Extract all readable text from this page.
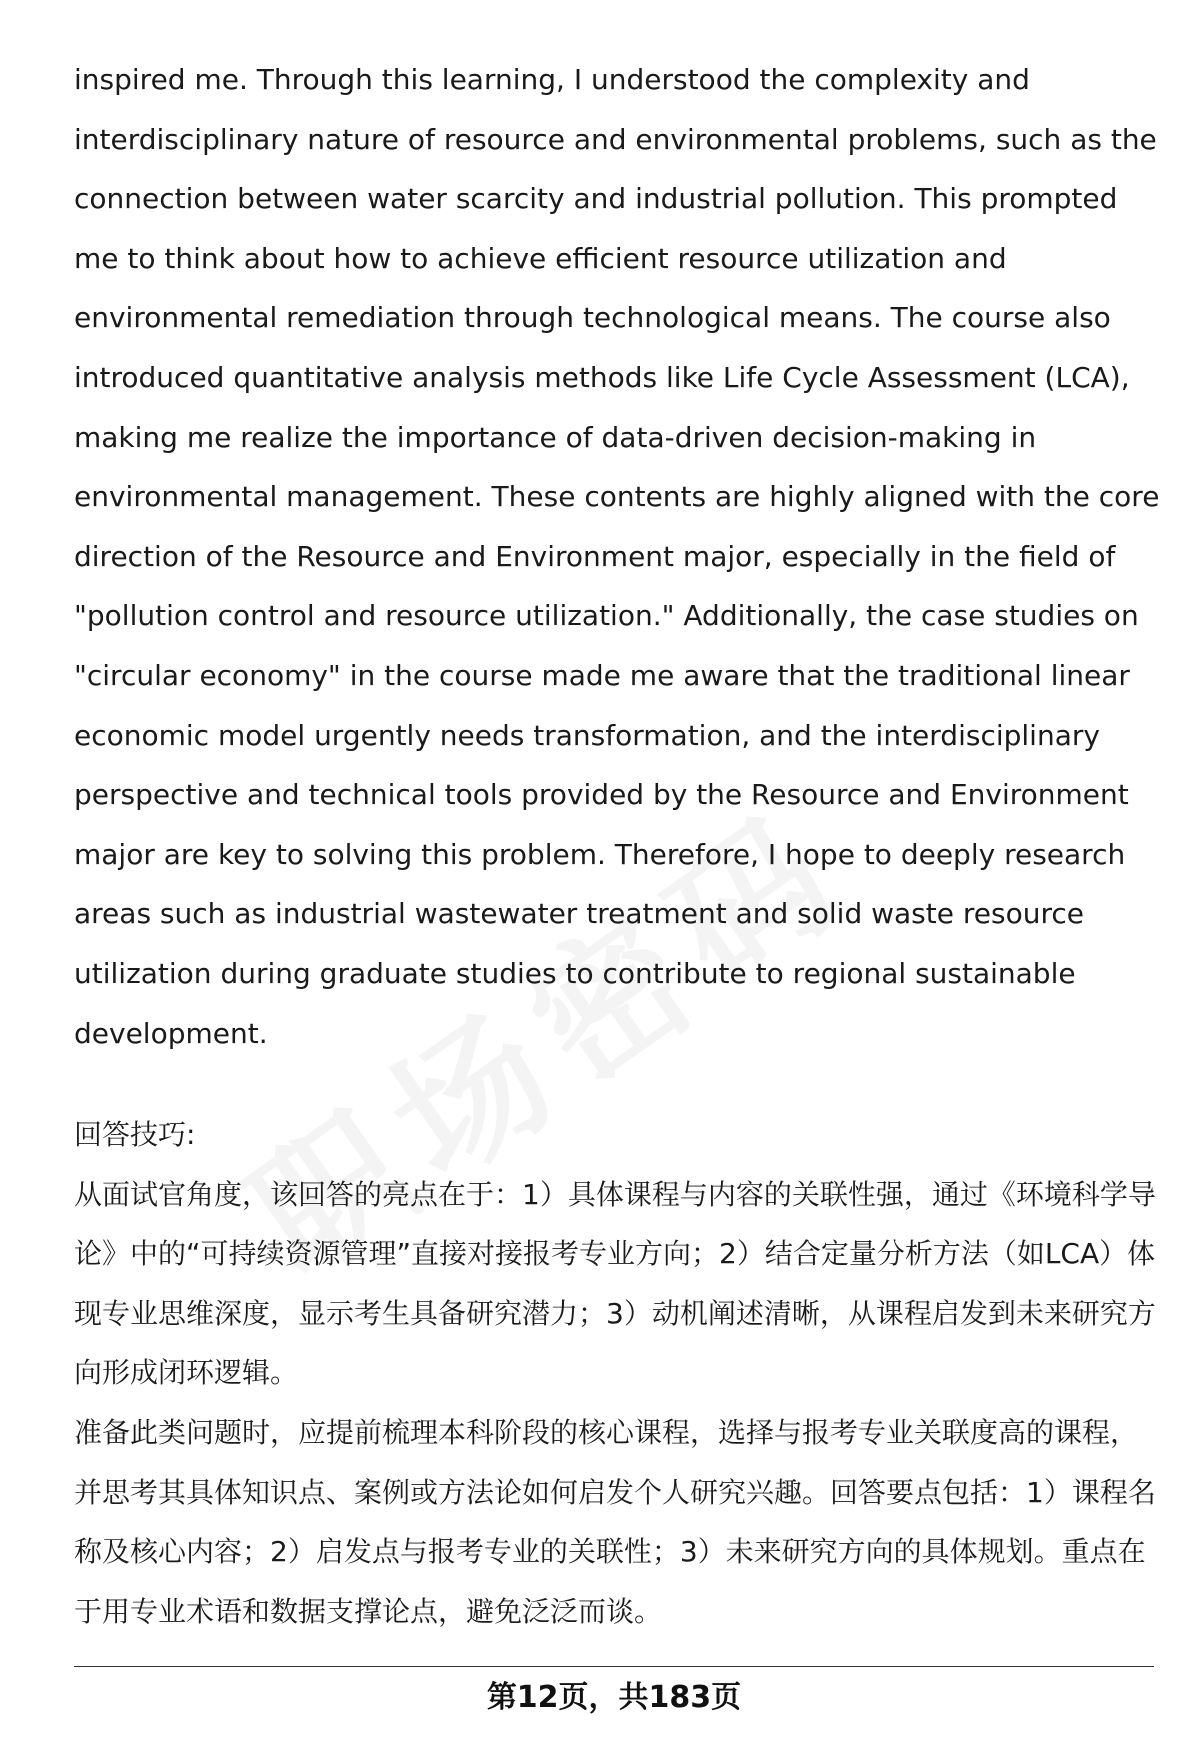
inspired me. Through this learning, I understood the complexity and interdisciplinary nature of resource and environmental problems, such as the connection between water scarcity and industrial pollution. This prompted me to think about how to achieve efficient resource utilization and environmental remediation through technological means. The course also introduced quantitative analysis methods like Life Cycle Assessment (LCA), making me realize the importance of data-driven decision-making in environmental management. These contents are highly aligned with the core direction of the Resource and Environment major, especially in the field of "pollution control and resource utilization." Additionally, the case studies on "circular economy" in the course made me aware that the traditional linear economic model urgently needs transformation, and the interdisciplinary perspective and technical tools provided by the Resource and Environment major are key to solving this problem. Therefore, I hope to deeply research areas such as industrial wastewater treatment and solid waste resource utilization during graduate studies to contribute to regional sustainable development.

回答技巧:

从面试官角度，该回答的亮点在于：1）具体课程与内容的关联性强，通过《环境科学导论》中的“可持续资源管理”直接对接报考专业方向；2）结合定量分析方法（如LCA）体现专业思维深度，显示考生具备研究潜力；3）动机阐述清晰，从课程启发到未来研究方向形成闭环逻辑。

准备此类问题时，应提前梳理本科阶段的核心课程，选择与报考专业关联度高的课程，并思考其具体知识点、案例或方法论如何启发个人研究兴趣。回答要点包括：1）课程名称及核心内容；2）启发点与报考专业的关联性；3）未来研究方向的具体规划。重点在于用专业术语和数据支撑论点，避免泛泛而谈。

第12页，共183页
